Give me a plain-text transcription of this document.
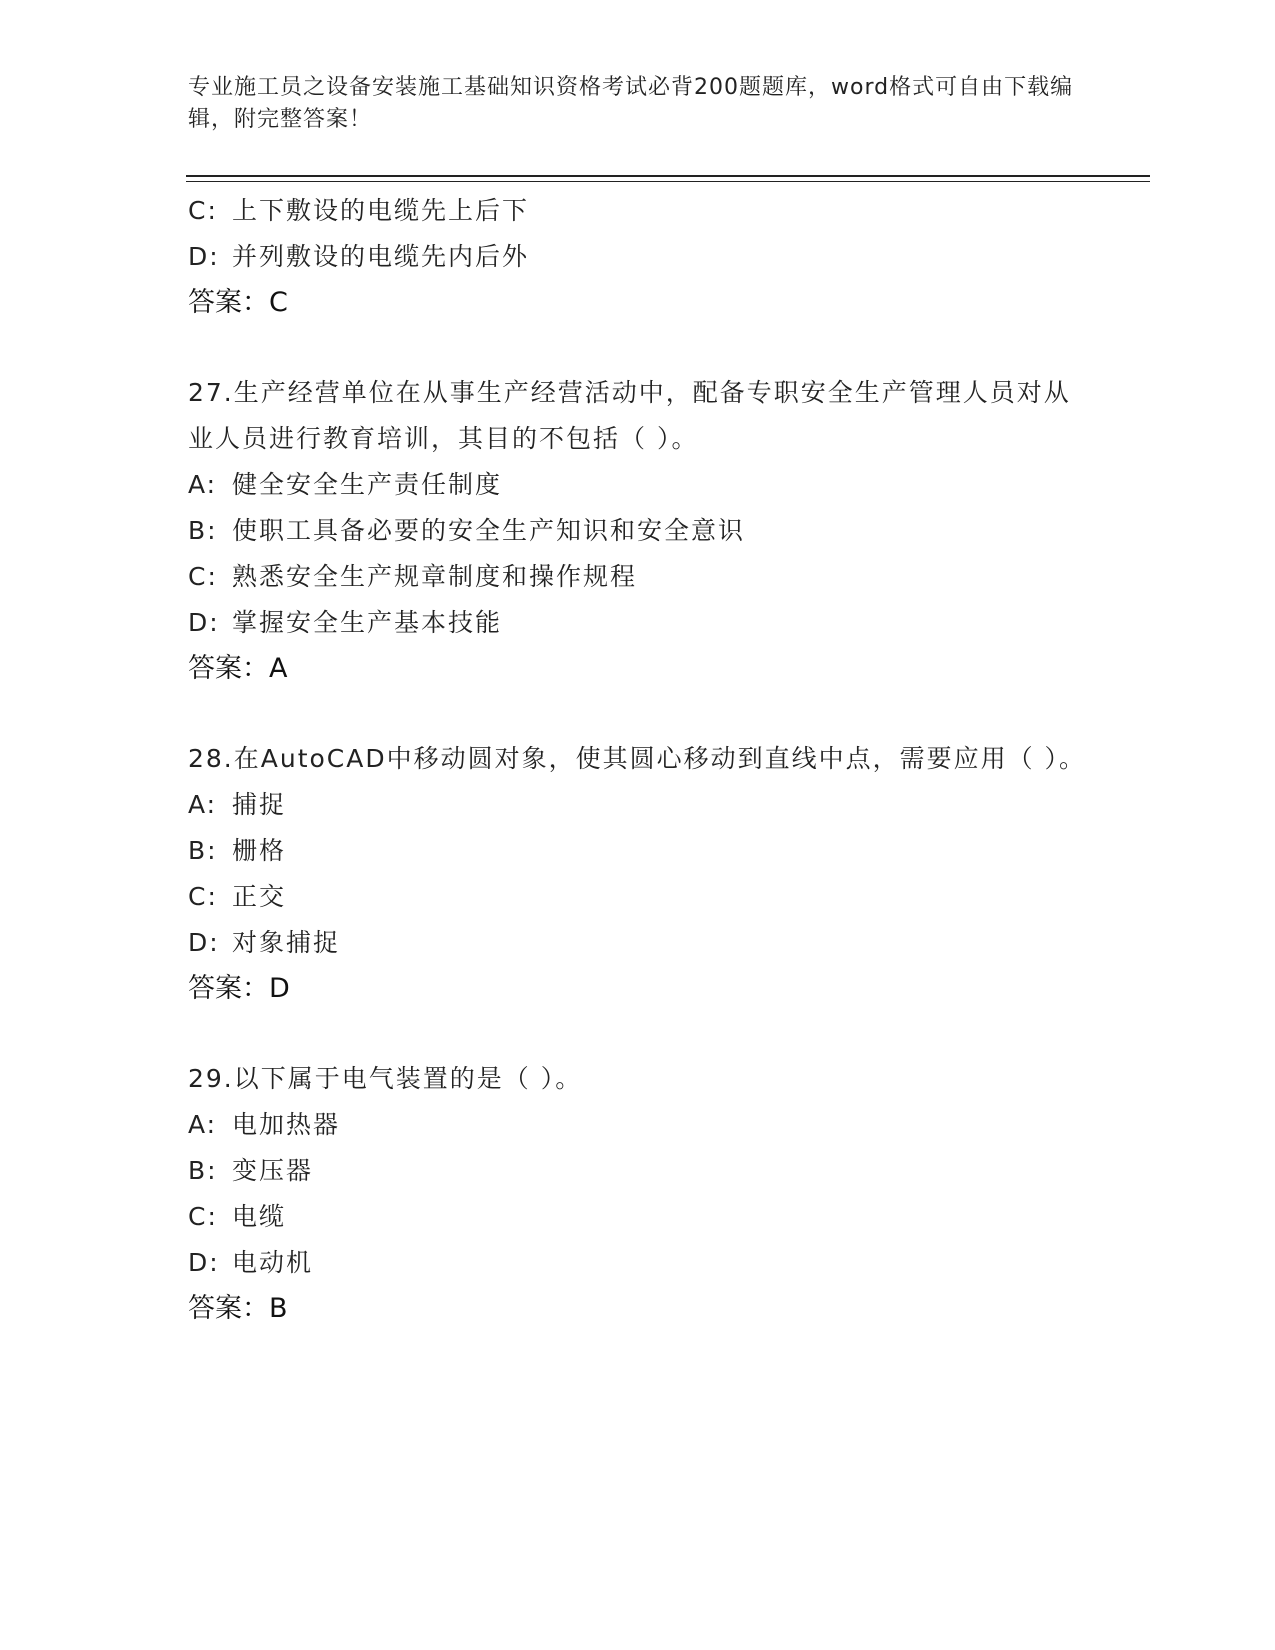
专业施工员之设备安装施工基础知识资格考试必背200题题库，word格式可自由下载编辑，附完整答案！
C: 上下敷设的电缆先上后下
D: 并列敷设的电缆先内后外
答案：C
27.生产经营单位在从事生产经营活动中，配备专职安全生产管理人员对从业人员进行教育培训，其目的不包括（ ）。
A: 健全安全生产责任制度
B: 使职工具备必要的安全生产知识和安全意识
C: 熟悉安全生产规章制度和操作规程
D: 掌握安全生产基本技能
答案：A
28.在AutoCAD中移动圆对象，使其圆心移动到直线中点，需要应用（ ）。
A: 捕捉
B: 栅格
C: 正交
D: 对象捕捉
答案：D
29.以下属于电气装置的是（ ）。
A: 电加热器
B: 变压器
C: 电缆
D: 电动机
答案：B
